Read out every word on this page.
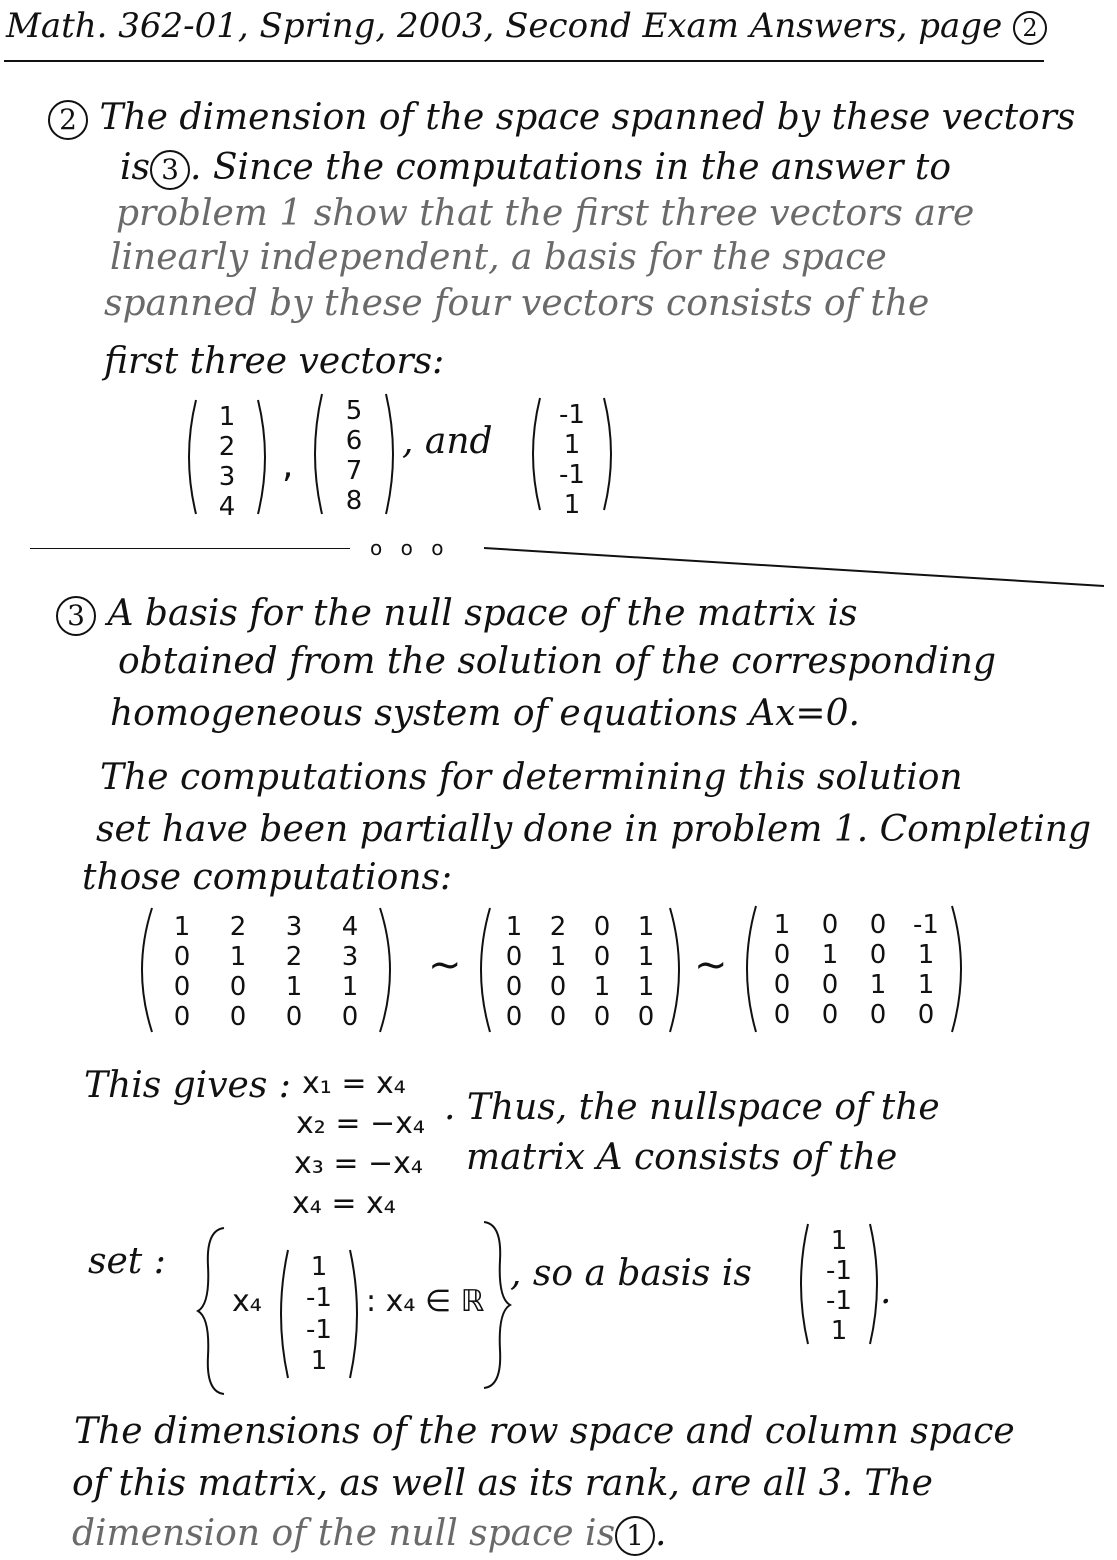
Math. 362-01, Spring, 2003, Second Exam Answers, page 2
2 The dimension of the space spanned by these vectors
is 3 . Since the computations in the answer to
problem 1 show that the first three vectors are
linearly independent, a basis for the space
spanned by these four vectors consists of the
first three vectors:
1
2
3
4
,
5
6
7
8
, and
-1
1
-1
1
o o o
3 A basis for the null space of the matrix is
obtained from the solution of the corresponding
homogeneous system of equations Ax=0.
The computations for determining this solution
set have been partially done in problem 1. Completing
those computations:
1 2 3 4
0 1 2 3
0 0 1 1
0 0 0 0
~
1 2 0 1
0 1 0 1
0 0 1 1
0 0 0 0
~
1 0 0 -1
0 1 0 1
0 0 1 1
0 0 0 0
This gives : x₁ = x₄
x₂ = −x₄
x₃ = −x₄
x₄ = x₄
. Thus, the nullspace of the
matrix A consists of the
set :
x₄
1
-1
-1
1
: x₄ ∈ ℝ
, so a basis is
1
-1
-1
1
.
The dimensions of the row space and column space
of this matrix, as well as its rank, are all 3. The
dimension of the null space is 1 .
